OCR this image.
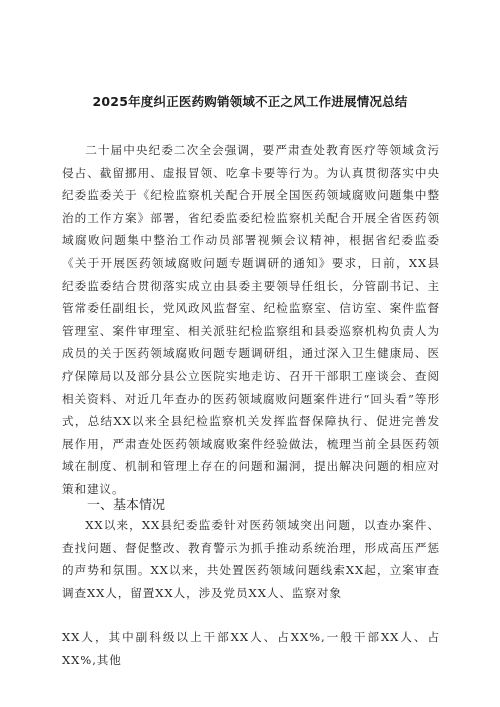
2025年度纠正医药购销领域不正之风工作进展情况总结
二十届中央纪委二次全会强调，要严肃查处教育医疗等领域贪污侵占、截留挪用、虚报冒领、吃拿卡要等行为。为认真贯彻落实中央纪委监委关于《纪检监察机关配合开展全国医药领域腐败问题集中整治的工作方案》部署，省纪委监委纪检监察机关配合开展全省医药领域腐败问题集中整治工作动员部署视频会议精神，根据省纪委监委《关于开展医药领域腐败问题专题调研的通知》要求，日前，XX县纪委监委结合贯彻落实成立由县委主要领导任组长，分管副书记、主管常委任副组长，党风政风监督室、纪检监察室、信访室、案件监督管理室、案件审理室、相关派驻纪检监察组和县委巡察机构负责人为成员的关于医药领域腐败问题专题调研组，通过深入卫生健康局、医疗保障局以及部分县公立医院实地走访、召开干部职工座谈会、查阅相关资料、对近几年查办的医药领域腐败问题案件进行“回头看”等形式，总结XX以来全县纪检监察机关发挥监督保障执行、促进完善发展作用，严肃查处医药领域腐败案件经验做法，梳理当前全县医药领域在制度、机制和管理上存在的问题和漏洞，提出解决问题的相应对策和建议。
一、基本情况
XX以来，XX县纪委监委针对医药领域突出问题，以查办案件、查找问题、督促整改、教育警示为抓手推动系统治理，形成高压严惩的声势和氛围。XX以来，共处置医药领域问题线索XX起，立案审查调查XX人，留置XX人，涉及党员XX人、监察对象
XX人，其中副科级以上干部XX人、占XX%,一般干部XX人、占XX%,其他
